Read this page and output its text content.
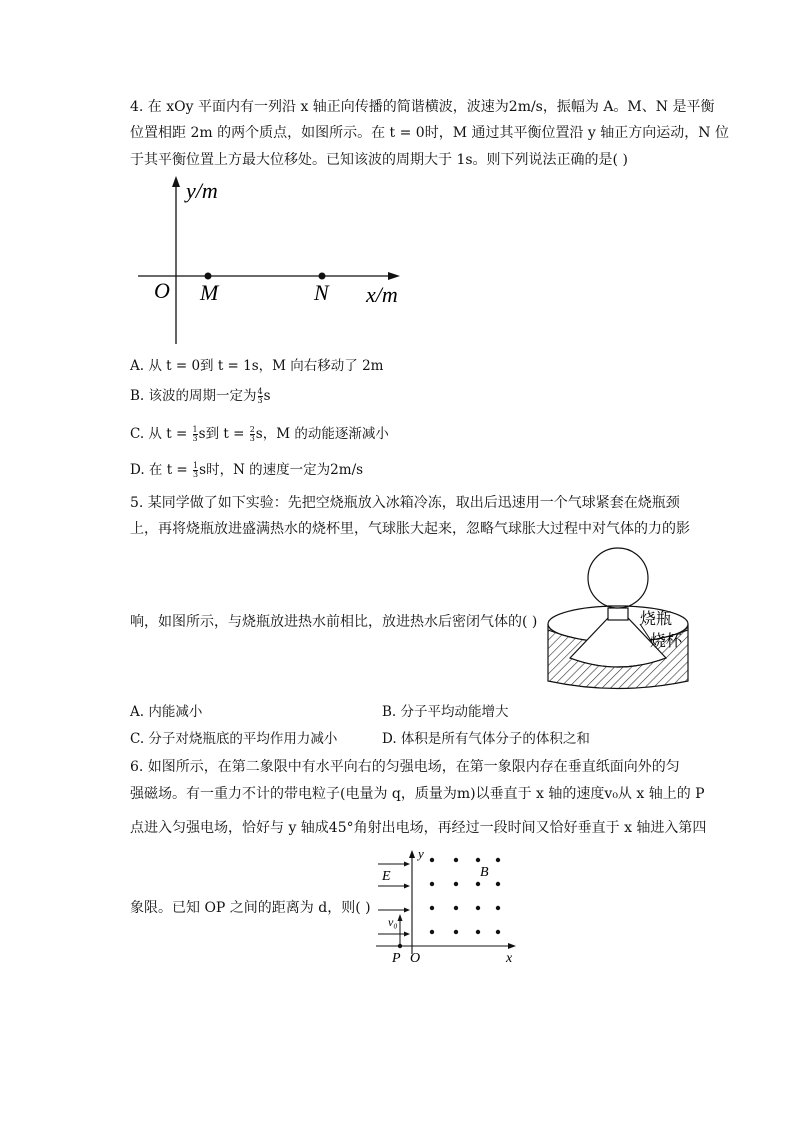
4. 在 xOy 平面内有一列沿 x 轴正向传播的简谐横波，波速为2m/s，振幅为 A。M、N 是平衡
位置相距 2m 的两个质点，如图所示。在 t = 0时，M 通过其平衡位置沿 y 轴正方向运动，N 位
于其平衡位置上方最大位移处。已知该波的周期大于 1s。则下列说法正确的是( )
y/m
O M	N x/m
A. 从 t = 0到 t = 1s，M 向右移动了 2m
B. 该波的周期一定为 $\frac{4}{3}$ s
C. 从 $t = \frac{1}{3}$ s到 $t = \frac{2}{3}$ s，M 的动能逐渐减小
D. 在 $t = \frac{1}{3}$ s时，N 的速度一定为2m/s
5. 某同学做了如下实验：先把空烧瓶放入冰箱冷冻，取出后迅速用一个气球紧套在烧瓶颈
上，再将烧瓶放进盛满热水的烧杯里，气球胀大起来，忽略气球胀大过程中对气体的力的影
响，如图所示，与烧瓶放进热水前相比，放进热水后密闭气体的( )	烧瓶
烧杯
A. 内能减小	B. 分子平均动能增大
C. 分子对烧瓶底的平均作用力减小	D. 体积是所有气体分子的体积之和
6. 如图所示，在第二象限中有水平向右的匀强电场，在第一象限内存在垂直纸面向外的匀
强磁场。有一重力不计的带电粒子(电量为 q，质量为m)以垂直于 x 轴的速度v₀从 x 轴上的 P
点进入匀强电场，恰好与 y 轴成45°角射出电场，再经过一段时间又恰好垂直于 x 轴进入第四
象限。已知 OP 之间的距离为 d，则( )
y
E	B
v₀
P O	x
